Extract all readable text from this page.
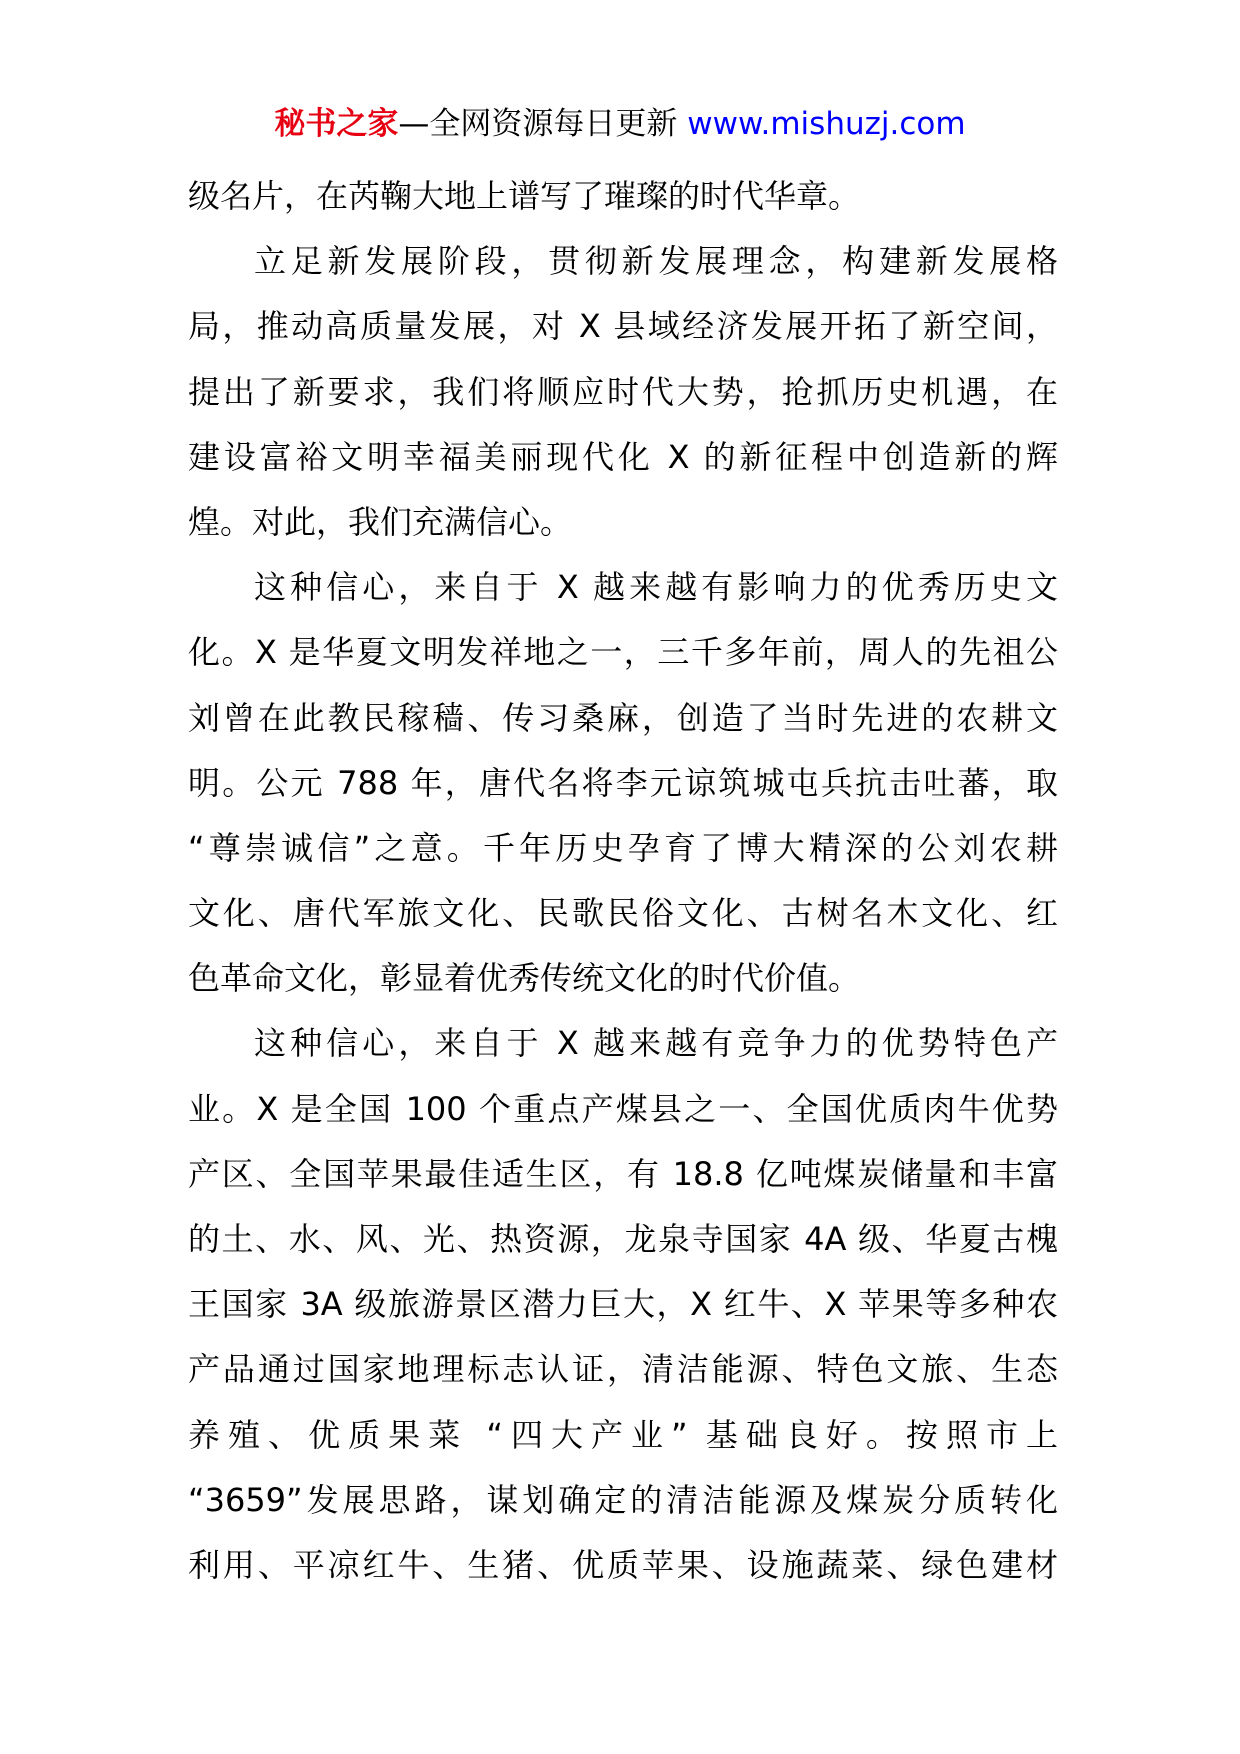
秘书之家—全网资源每日更新 www.mishuzj.com
级名片，在芮鞠大地上谱写了璀璨的时代华章。
立足新发展阶段，贯彻新发展理念，构建新发展格
局，推动高质量发展，对 X 县域经济发展开拓了新空间，
提出了新要求，我们将顺应时代大势，抢抓历史机遇，在
建设富裕文明幸福美丽现代化 X 的新征程中创造新的辉
煌。对此，我们充满信心。
这种信心，来自于 X 越来越有影响力的优秀历史文
化。X 是华夏文明发祥地之一，三千多年前，周人的先祖公
刘曾在此教民稼穑、传习桑麻，创造了当时先进的农耕文
明。公元 788 年，唐代名将李元谅筑城屯兵抗击吐蕃，取
“尊崇诚信”之意。千年历史孕育了博大精深的公刘农耕
文化、唐代军旅文化、民歌民俗文化、古树名木文化、红
色革命文化，彰显着优秀传统文化的时代价值。
这种信心，来自于 X 越来越有竞争力的优势特色产
业。X 是全国 100 个重点产煤县之一、全国优质肉牛优势
产区、全国苹果最佳适生区，有 18.8 亿吨煤炭储量和丰富
的土、水、风、光、热资源，龙泉寺国家 4A 级、华夏古槐
王国家 3A 级旅游景区潜力巨大，X 红牛、X 苹果等多种农
产品通过国家地理标志认证，清洁能源、特色文旅、生态
养殖、优质果菜 “四大产业” 基础良好。按照市上
“3659”发展思路，谋划确定的清洁能源及煤炭分质转化
利用、平凉红牛、生猪、优质苹果、设施蔬菜、绿色建材
